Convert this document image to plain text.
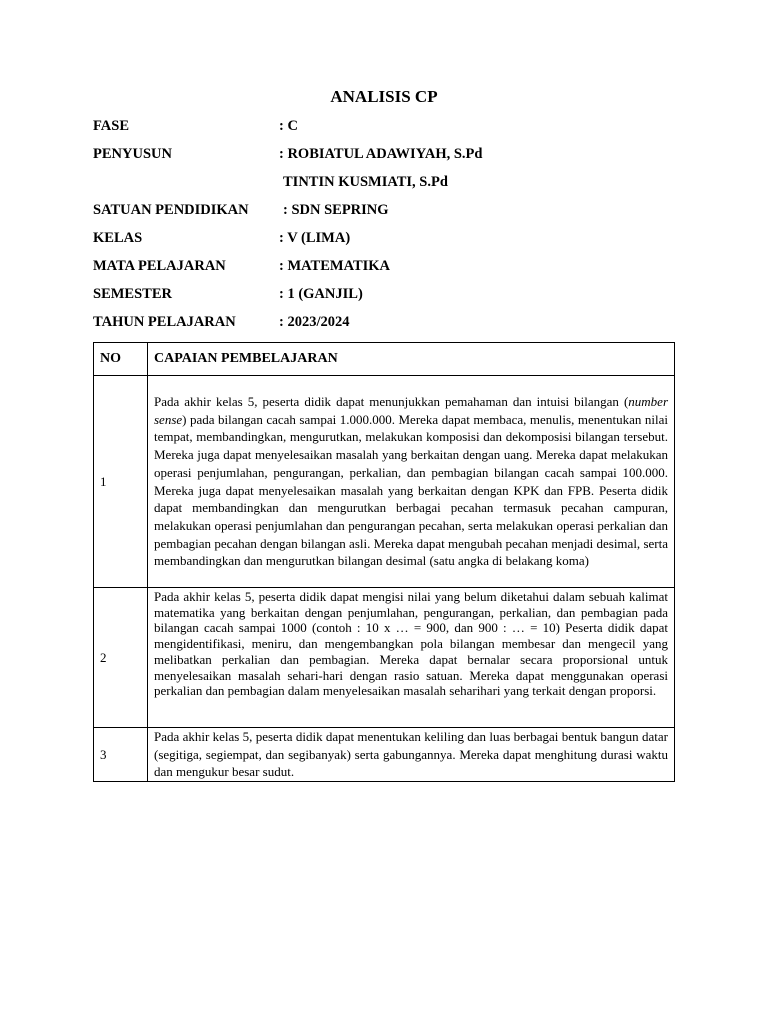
ANALISIS CP
FASE	: C
PENYUSUN	: ROBIATUL ADAWIYAH, S.Pd
TINTIN KUSMIATI, S.Pd
SATUAN PENDIDIKAN : SDN SEPRING
KELAS	: V (LIMA)
MATA PELAJARAN	: MATEMATIKA
SEMESTER	: 1 (GANJIL)
TAHUN PELAJARAN	: 2023/2024
NO	CAPAIAN PEMBELAJARAN
1	Pada akhir kelas 5, peserta didik dapat menunjukkan pemahaman dan intuisi bilangan (number sense) pada bilangan cacah sampai 1.000.000. Mereka dapat membaca, menulis, menentukan nilai tempat, membandingkan, mengurutkan, melakukan komposisi dan dekomposisi bilangan tersebut. Mereka juga dapat menyelesaikan masalah yang berkaitan dengan uang. Mereka dapat melakukan operasi penjumlahan, pengurangan, perkalian, dan pembagian bilangan cacah sampai 100.000. Mereka juga dapat menyelesaikan masalah yang berkaitan dengan KPK dan FPB. Peserta didik dapat membandingkan dan mengurutkan berbagai pecahan termasuk pecahan campuran, melakukan operasi penjumlahan dan pengurangan pecahan, serta melakukan operasi perkalian dan pembagian pecahan dengan bilangan asli. Mereka dapat mengubah pecahan menjadi desimal, serta membandingkan dan mengurutkan bilangan desimal (satu angka di belakang koma)
2	Pada akhir kelas 5, peserta didik dapat mengisi nilai yang belum diketahui dalam sebuah kalimat matematika yang berkaitan dengan penjumlahan, pengurangan, perkalian, dan pembagian pada bilangan cacah sampai 1000 (contoh : 10 x … = 900, dan 900 : … = 10) Peserta didik dapat mengidentifikasi, meniru, dan mengembangkan pola bilangan membesar dan mengecil yang melibatkan perkalian dan pembagian. Mereka dapat bernalar secara proporsional untuk menyelesaikan masalah sehari-hari dengan rasio satuan. Mereka dapat menggunakan operasi perkalian dan pembagian dalam menyelesaikan masalah seharihari yang terkait dengan proporsi.
3	Pada akhir kelas 5, peserta didik dapat menentukan keliling dan luas berbagai bentuk bangun datar (segitiga, segiempat, dan segibanyak) serta gabungannya. Mereka dapat menghitung durasi waktu dan mengukur besar sudut.
